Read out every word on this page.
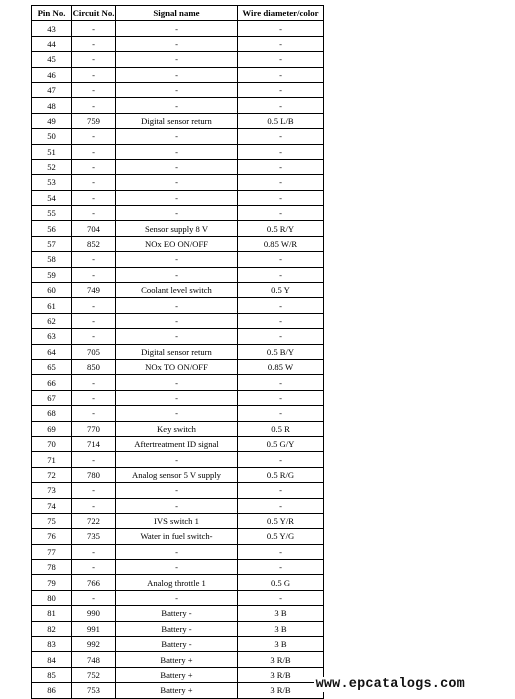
Pin No.	Circuit No.	Signal name	Wire diameter/color
43	-	-	-
44	-	-	-
45	-	-	-
46	-	-	-
47	-	-	-
48	-	-	-
49	759	Digital sensor return	0.5 L/B
50	-	-	-
51	-	-	-
52	-	-	-
53	-	-	-
54	-	-	-
55	-	-	-
56	704	Sensor supply 8 V	0.5 R/Y
57	852	NOx EO ON/OFF	0.85 W/R
58	-	-	-
59	-	-	-
60	749	Coolant level switch	0.5 Y
61	-	-	-
62	-	-	-
63	-	-	-
64	705	Digital sensor return	0.5 B/Y
65	850	NOx TO ON/OFF	0.85 W
66	-	-	-
67	-	-	-
68	-	-	-
69	770	Key switch	0.5 R
70	714	Aftertreatment ID signal	0.5 G/Y
71	-	-	-
72	780	Analog sensor 5 V supply	0.5 R/G
73	-	-	-
74	-	-	-
75	722	IVS switch 1	0.5 Y/R
76	735	Water in fuel switch-	0.5 Y/G
77	-	-	-
78	-	-	-
79	766	Analog throttle 1	0.5 G
80	-	-	-
81	990	Battery -	3 B
82	991	Battery -	3 B
83	992	Battery -	3 B
84	748	Battery +	3 R/B
85	752	Battery +	3 R/B
86	753	Battery +	3 R/B www.epcatalogs.com
